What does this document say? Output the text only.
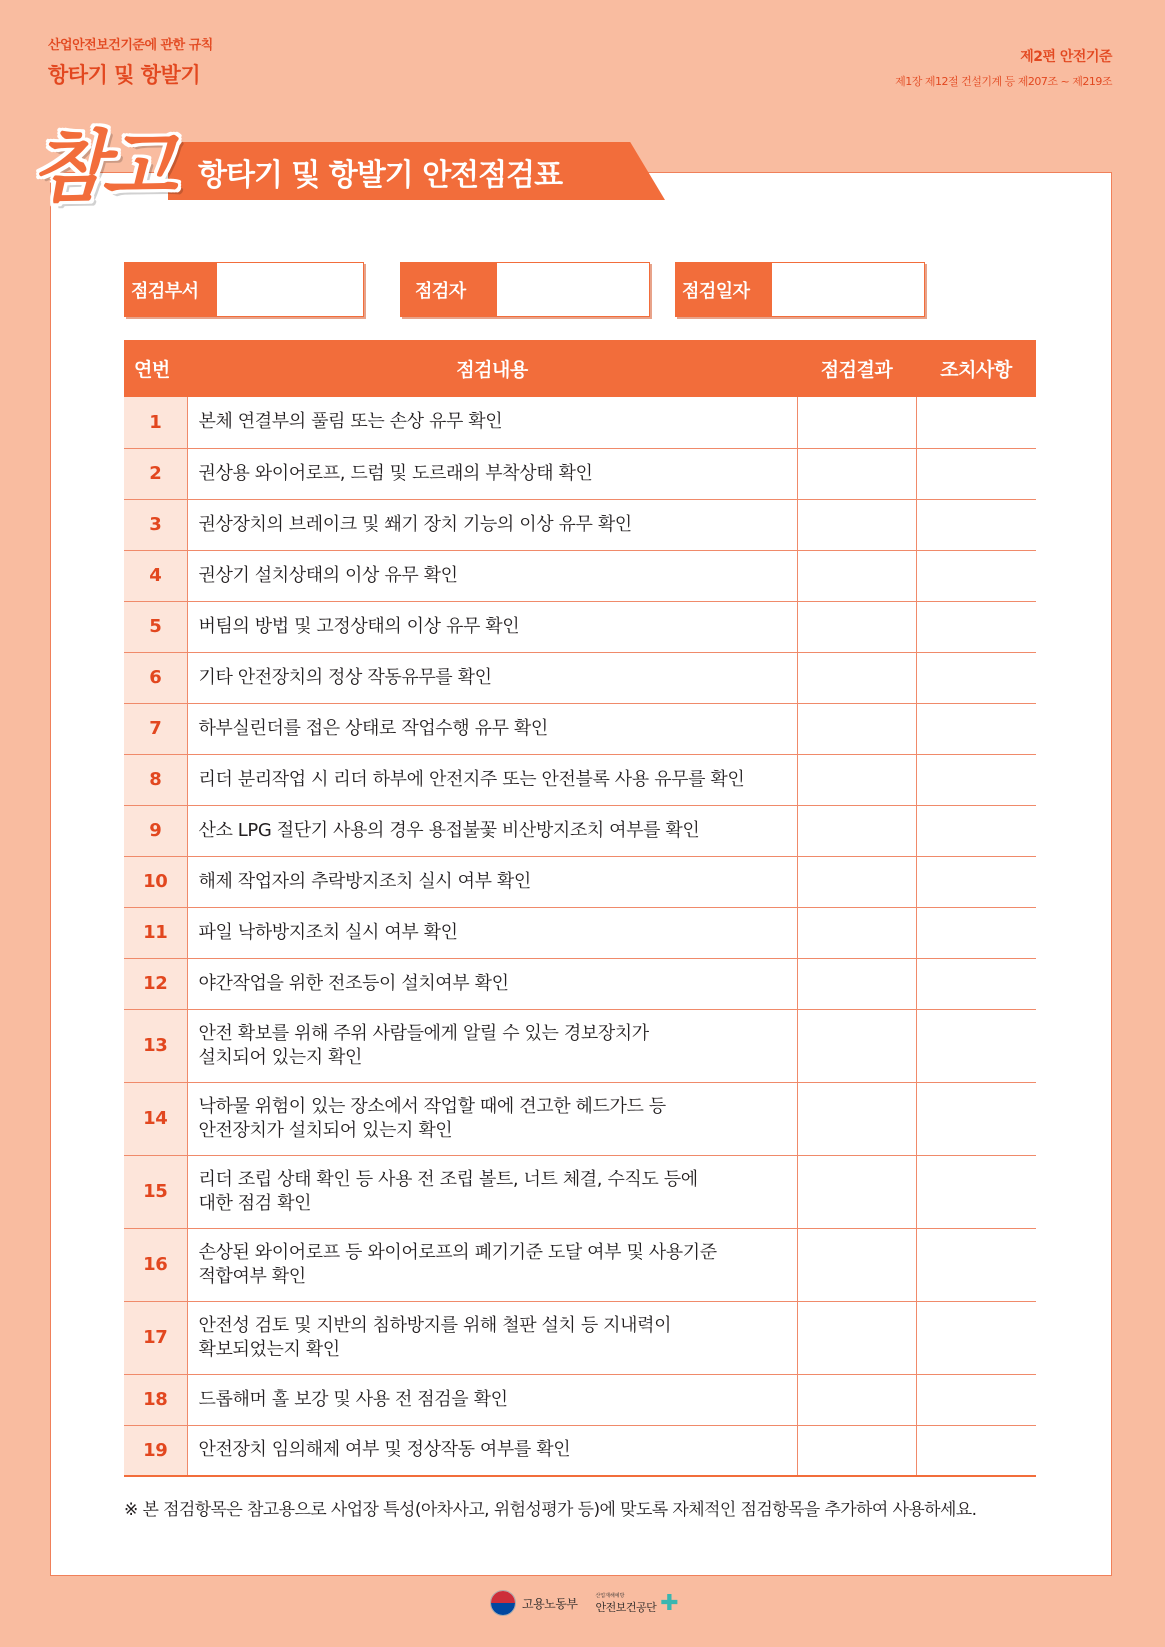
산업안전보건기준에 관한 규칙
항타기 및 항발기
제2편 안전기준
제1장 제12절 건설기계 등 제207조 ~ 제219조
항타기 및 항발기 안전점검표
참고
점검부서	점검자	점검일자
연번	점검내용	점검결과	조치사항
1	본체 연결부의 풀림 또는 손상 유무 확인		

2	권상용 와이어로프, 드럼 및 도르래의 부착상태 확인		

3	권상장치의 브레이크 및 쐐기 장치 기능의 이상 유무 확인		

4	권상기 설치상태의 이상 유무 확인		

5	버팀의 방법 및 고정상태의 이상 유무 확인		

6	기타 안전장치의 정상 작동유무를 확인		

7	하부실린더를 접은 상태로 작업수행 유무 확인		

8	리더 분리작업 시 리더 하부에 안전지주 또는 안전블록 사용 유무를 확인		

9	산소 LPG 절단기 사용의 경우 용접불꽃 비산방지조치 여부를 확인		

10	해제 작업자의 추락방지조치 실시 여부 확인		

11	파일 낙하방지조치 실시 여부 확인		

12	야간작업을 위한 전조등이 설치여부 확인		

13	안전 확보를 위해 주위 사람들에게 알릴 수 있는 경보장치가
설치되어 있는지 확인		

14	낙하물 위험이 있는 장소에서 작업할 때에 견고한 헤드가드 등
안전장치가 설치되어 있는지 확인		

15	리더 조립 상태 확인 등 사용 전 조립 볼트, 너트 체결, 수직도 등에
대한 점검 확인		

16	손상된 와이어로프 등 와이어로프의 폐기기준 도달 여부 및 사용기준
적합여부 확인		

17	안전성 검토 및 지반의 침하방지를 위해 철판 설치 등 지내력이
확보되었는지 확인		

18	드롭해머 홀 보강 및 사용 전 점검을 확인		

19	안전장치 임의해제 여부 및 정상작동 여부를 확인		

※ 본 점검항목은 참고용으로 사업장 특성(아차사고, 위험성평가 등)에 맞도록 자체적인 점검항목을 추가하여 사용하세요.
고용노동부
산업재해예방
안전보건공단 ✚
